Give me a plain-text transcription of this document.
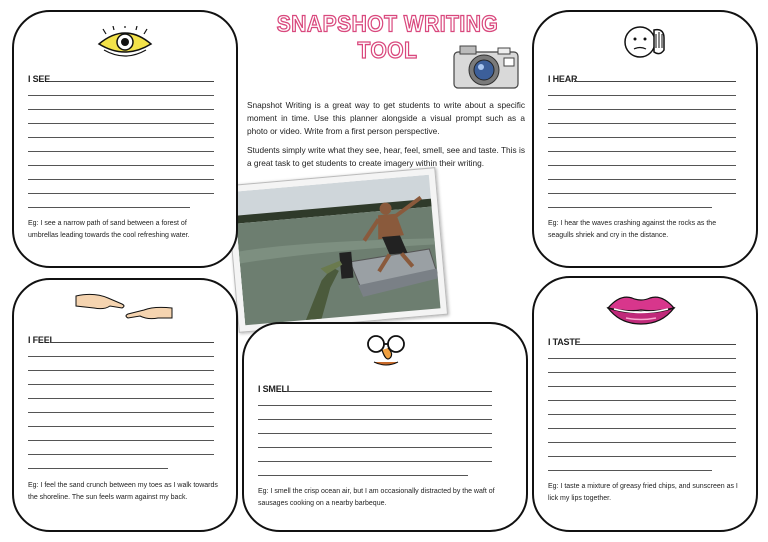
SNAPSHOT WRITING TOOL

Snapshot Writing is a great way to get students to write about a specific moment in time. Use this planner alongside a visual prompt such as a photo or video. Write from a first person perspective.

Students simply write what they see, hear, feel, smell, see and taste. This is a great task to get students to create imagery within their writing.

I SEE
Eg: I see a narrow path of sand between a forest of umbrellas leading towards the cool refreshing water.
I HEAR
Eg: I hear the waves crashing against the rocks as the seagulls shriek and cry in the distance.
I FEEL
Eg: I feel the sand crunch between my toes as I walk towards the shoreline. The sun feels warm against my back.
I SMELL
Eg: I smell the crisp ocean air, but I am occasionally distracted by the waft of sausages cooking on a nearby barbeque.
I TASTE
Eg: I taste a mixture of greasy fried chips, and sunscreen as I lick my lips together.
